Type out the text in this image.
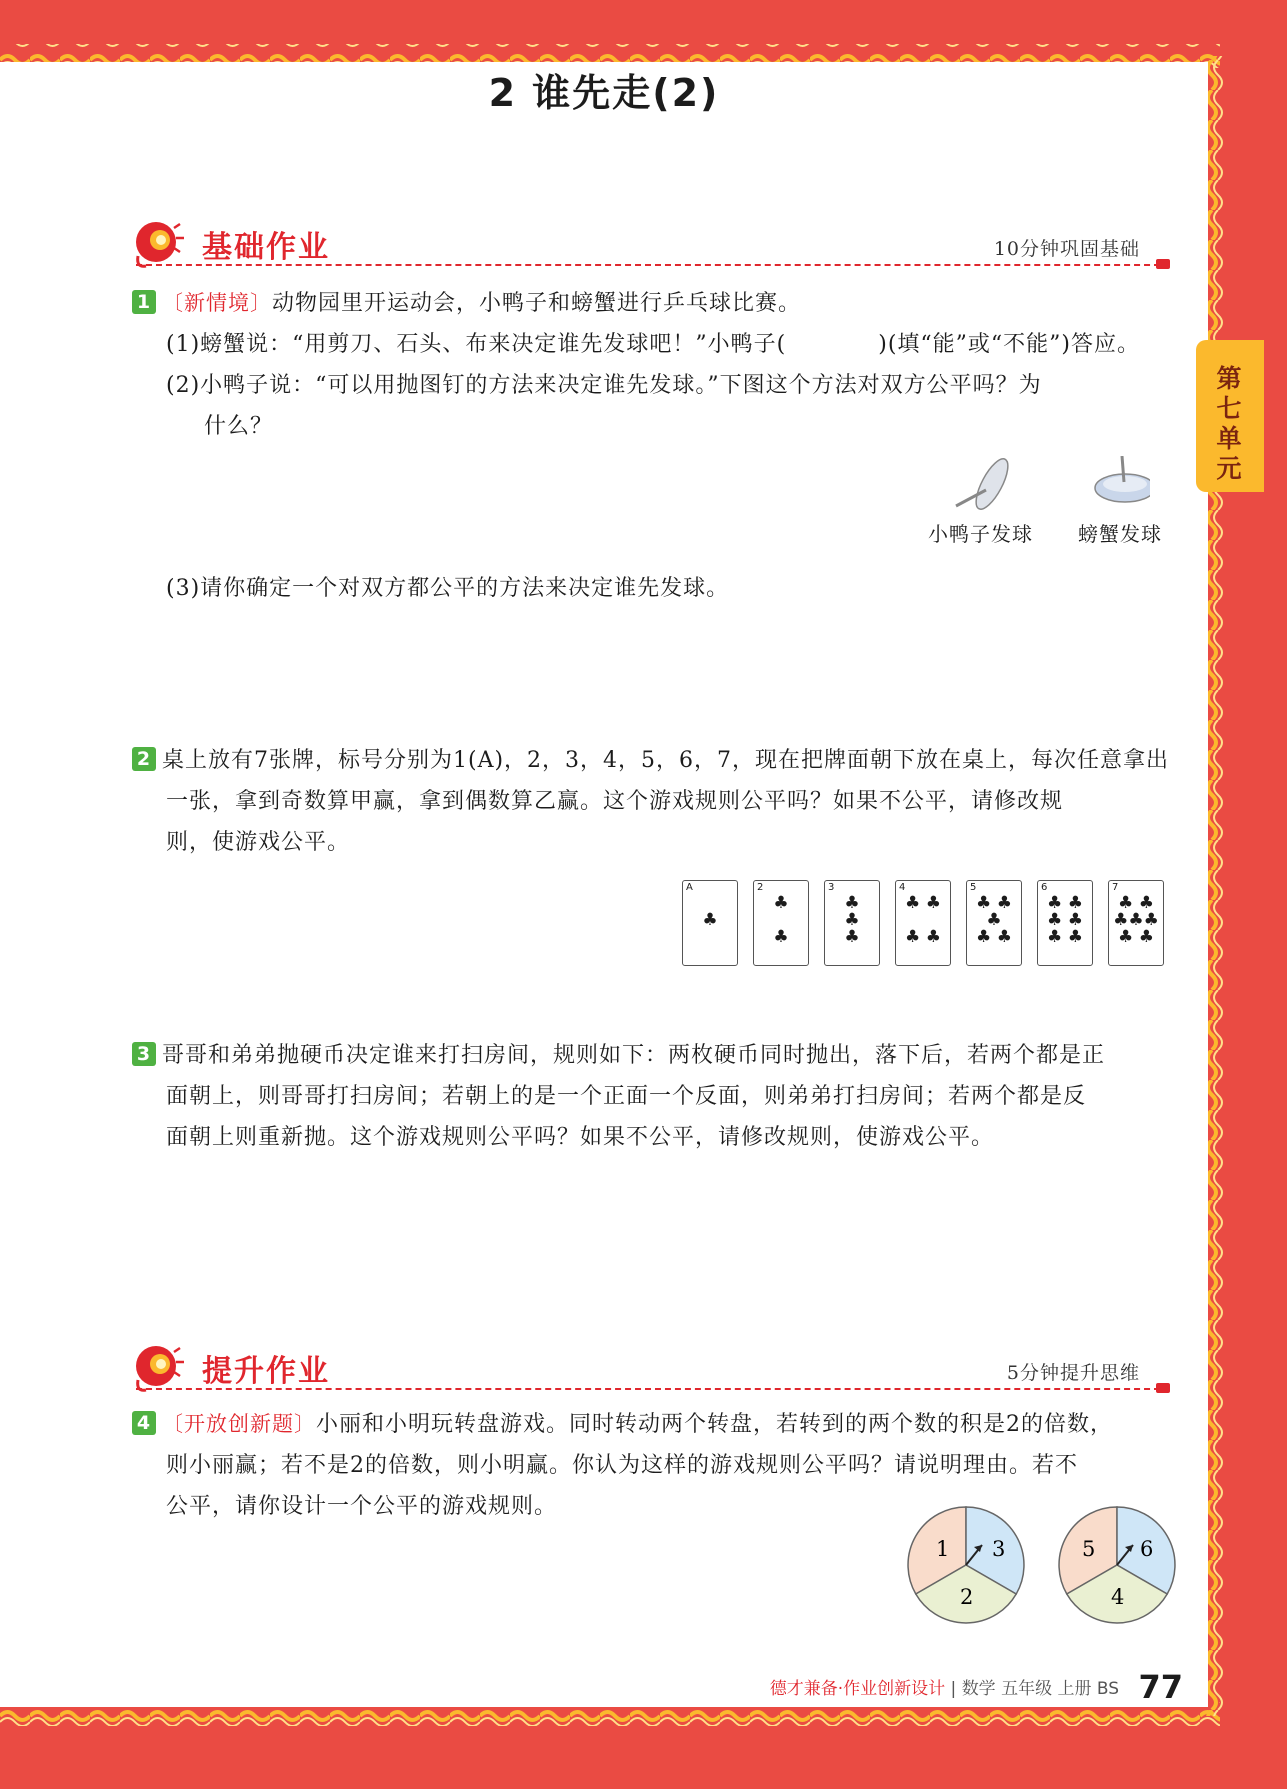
2 谁先走(2)
第七单元
基础作业	10分钟巩固基础
1 〔新情境〕动物园里开运动会，小鸭子和螃蟹进行乒乓球比赛。
(1)螃蟹说：“用剪刀、石头、布来决定谁先发球吧！”小鸭子(　　　　)(填“能”或“不能”)答应。
(2)小鸭子说：“可以用抛图钉的方法来决定谁先发球。”下图这个方法对双方公平吗？为
什么？
小鸭子发球 螃蟹发球
(3)请你确定一个对双方都公平的方法来决定谁先发球。
2 桌上放有7张牌，标号分别为1(A)，2，3，4，5，6，7，现在把牌面朝下放在桌上，每次任意拿出
一张，拿到奇数算甲赢，拿到偶数算乙赢。这个游戏规则公平吗？如果不公平，请修改规
则，使游戏公平。
A

♣
2
♣

♣
3
♣
♣
♣
4
♣ ♣

♣ ♣
5
♣ ♣
♣
♣ ♣
6
♣ ♣
♣ ♣
♣ ♣
7
♣ ♣
♣♣♣
♣ ♣
3 哥哥和弟弟抛硬币决定谁来打扫房间，规则如下：两枚硬币同时抛出，落下后，若两个都是正
面朝上，则哥哥打扫房间；若朝上的是一个正面一个反面，则弟弟打扫房间；若两个都是反
面朝上则重新抛。这个游戏规则公平吗？如果不公平，请修改规则，使游戏公平。
提升作业	5分钟提升思维
4 〔开放创新题〕小丽和小明玩转盘游戏。同时转动两个转盘，若转到的两个数的积是2的倍数，
则小丽赢；若不是2的倍数，则小明赢。你认为这样的游戏规则公平吗？请说明理由。若不
公平，请你设计一个公平的游戏规则。
1 3
2
5 6
4
德才兼备·作业创新设计 | 数学 五年级 上册 BS 77
